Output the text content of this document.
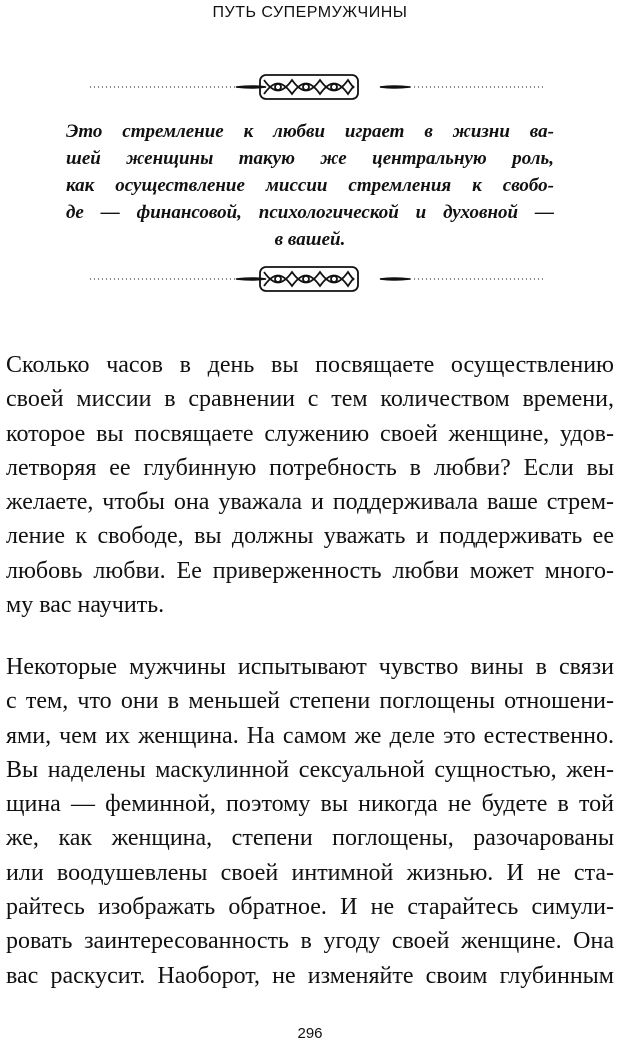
ПУТЬ СУПЕРМУЖЧИНЫ
Это стремление к любви играет в жизни ва-
шей женщины такую же центральную роль,
как осуществление миссии стремления к свобо-
де — финансовой, психологической и духовной —
в вашей.
Сколько часов в день вы посвящаете осуществлению
своей миссии в сравнении с тем количеством времени,
которое вы посвящаете служению своей женщине, удов-
летворяя ее глубинную потребность в любви? Если вы
желаете, чтобы она уважала и поддерживала ваше стрем-
ление к свободе, вы должны уважать и поддерживать ее
любовь любви. Ее приверженность любви может много-
му вас научить.
Некоторые мужчины испытывают чувство вины в связи
с тем, что они в меньшей степени поглощены отношени-
ями, чем их женщина. На самом же деле это естественно.
Вы наделены маскулинной сексуальной сущностью, жен-
щина — феминной, поэтому вы никогда не будете в той
же, как женщина, степени поглощены, разочарованы
или воодушевлены своей интимной жизнью. И не ста-
райтесь изображать обратное. И не старайтесь симули-
ровать заинтересованность в угоду своей женщине. Она
вас раскусит. Наоборот, не изменяйте своим глубинным
296
